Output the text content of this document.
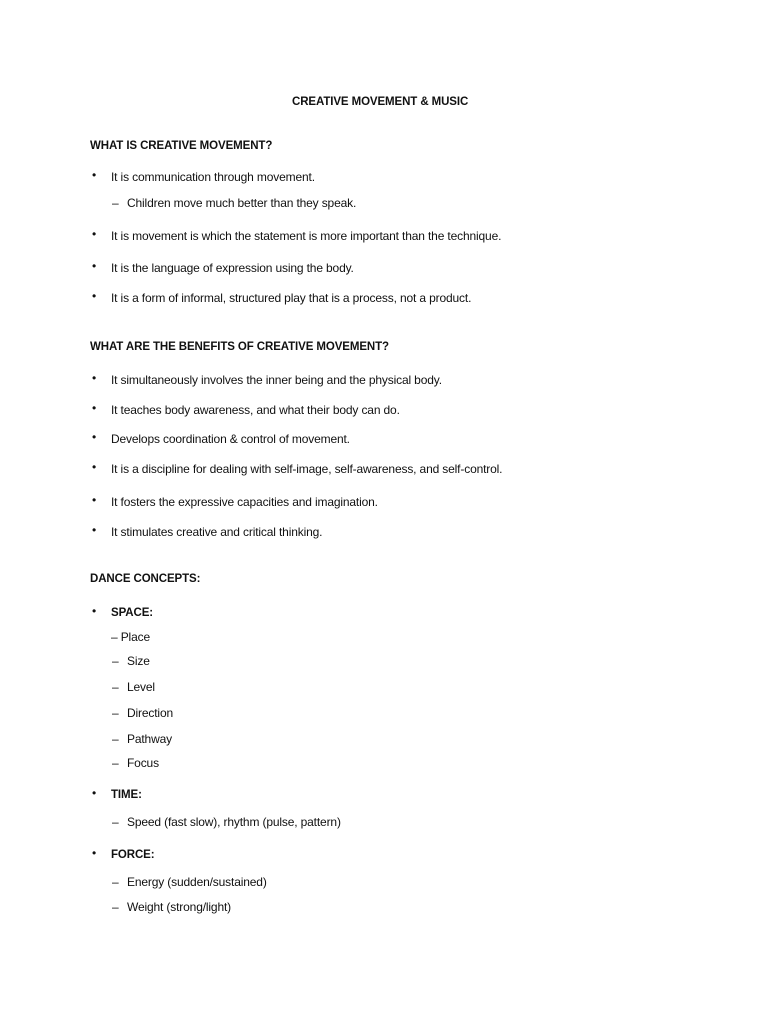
CREATIVE MOVEMENT & MUSIC
WHAT IS CREATIVE MOVEMENT?
• It is communication through movement.
– Children move much better than they speak.
• It is movement is which the statement is more important than the technique.
• It is the language of expression using the body.
• It is a form of informal, structured play that is a process, not a product.
WHAT ARE THE BENEFITS OF CREATIVE MOVEMENT?
• It simultaneously involves the inner being and the physical body.
• It teaches body awareness, and what their body can do.
• Develops coordination & control of movement.
• It is a discipline for dealing with self-image, self-awareness, and self-control.
• It fosters the expressive capacities and imagination.
• It stimulates creative and critical thinking.
DANCE CONCEPTS:
• SPACE:
– Place
– Size
– Level
– Direction
– Pathway
– Focus
• TIME:
– Speed (fast slow), rhythm (pulse, pattern)
• FORCE:
– Energy (sudden/sustained)
– Weight (strong/light)
